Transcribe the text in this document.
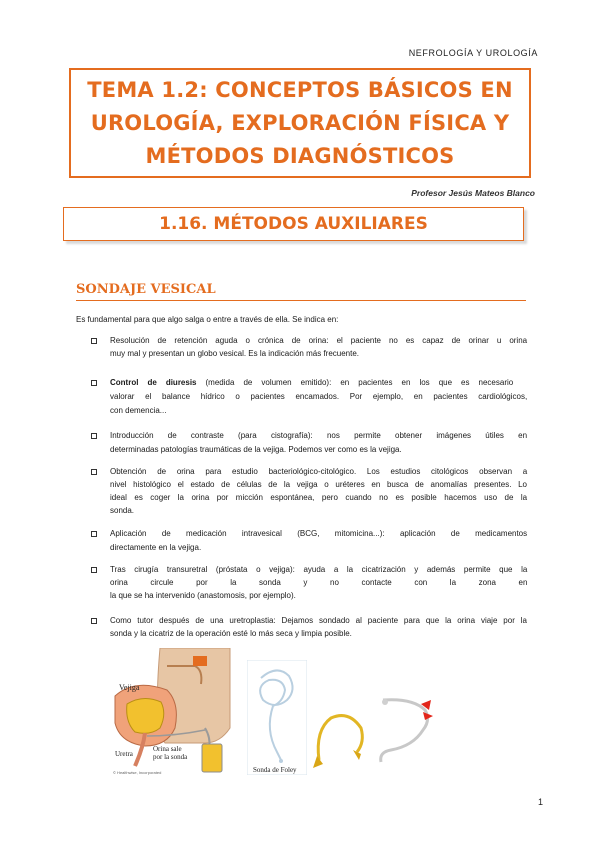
NEFROLOGÍA Y UROLOGÍA
TEMA 1.2: CONCEPTOS BÁSICOS EN
UROLOGÍA, EXPLORACIÓN FÍSICA Y
MÉTODOS DIAGNÓSTICOS
Profesor Jesús Mateos Blanco
1.16. MÉTODOS AUXILIARES
SONDAJE VESICAL
Es fundamental para que algo salga o entre a través de ella. Se indica en:
Resolución de retención aguda o crónica de orina: el paciente no es capaz de orinar u orina
muy mal y presentan un globo vesical. Es la indicación más frecuente.
Control de diuresis (medida de volumen emitido): en pacientes en los que es necesario
valorar el balance hídrico o pacientes encamados. Por ejemplo, en pacientes cardiológicos,
con demencia...
Introducción de contraste (para cistografía): nos permite obtener imágenes útiles en
determinadas patologías traumáticas de la vejiga. Podemos ver como es la vejiga.
Obtención de orina para estudio bacteriológico-citológico. Los estudios citológicos observan a
nivel histológico el estado de células de la vejiga o uréteres en busca de anomalías presentes. Lo
ideal es coger la orina por micción espontánea, pero cuando no es posible hacemos uso de la
sonda.
Aplicación de medicación intravesical (BCG, mitomicina...): aplicación de medicamentos
directamente en la vejiga.
Tras cirugía transuretral (próstata o vejiga): ayuda a la cicatrización y además permite que la
orina circule por la sonda y no contacte con la zona en
la que se ha intervenido (anastomosis, por ejemplo).
Como tutor después de una uretroplastia: Dejamos sondado al paciente para que la orina viaje por la
sonda y la cicatriz de la operación esté lo más seca y limpia posible.
Vejiga
Orina sale
por la sonda
Uretra
© Healthwise, Incorporated	Sonda de Foley
1
